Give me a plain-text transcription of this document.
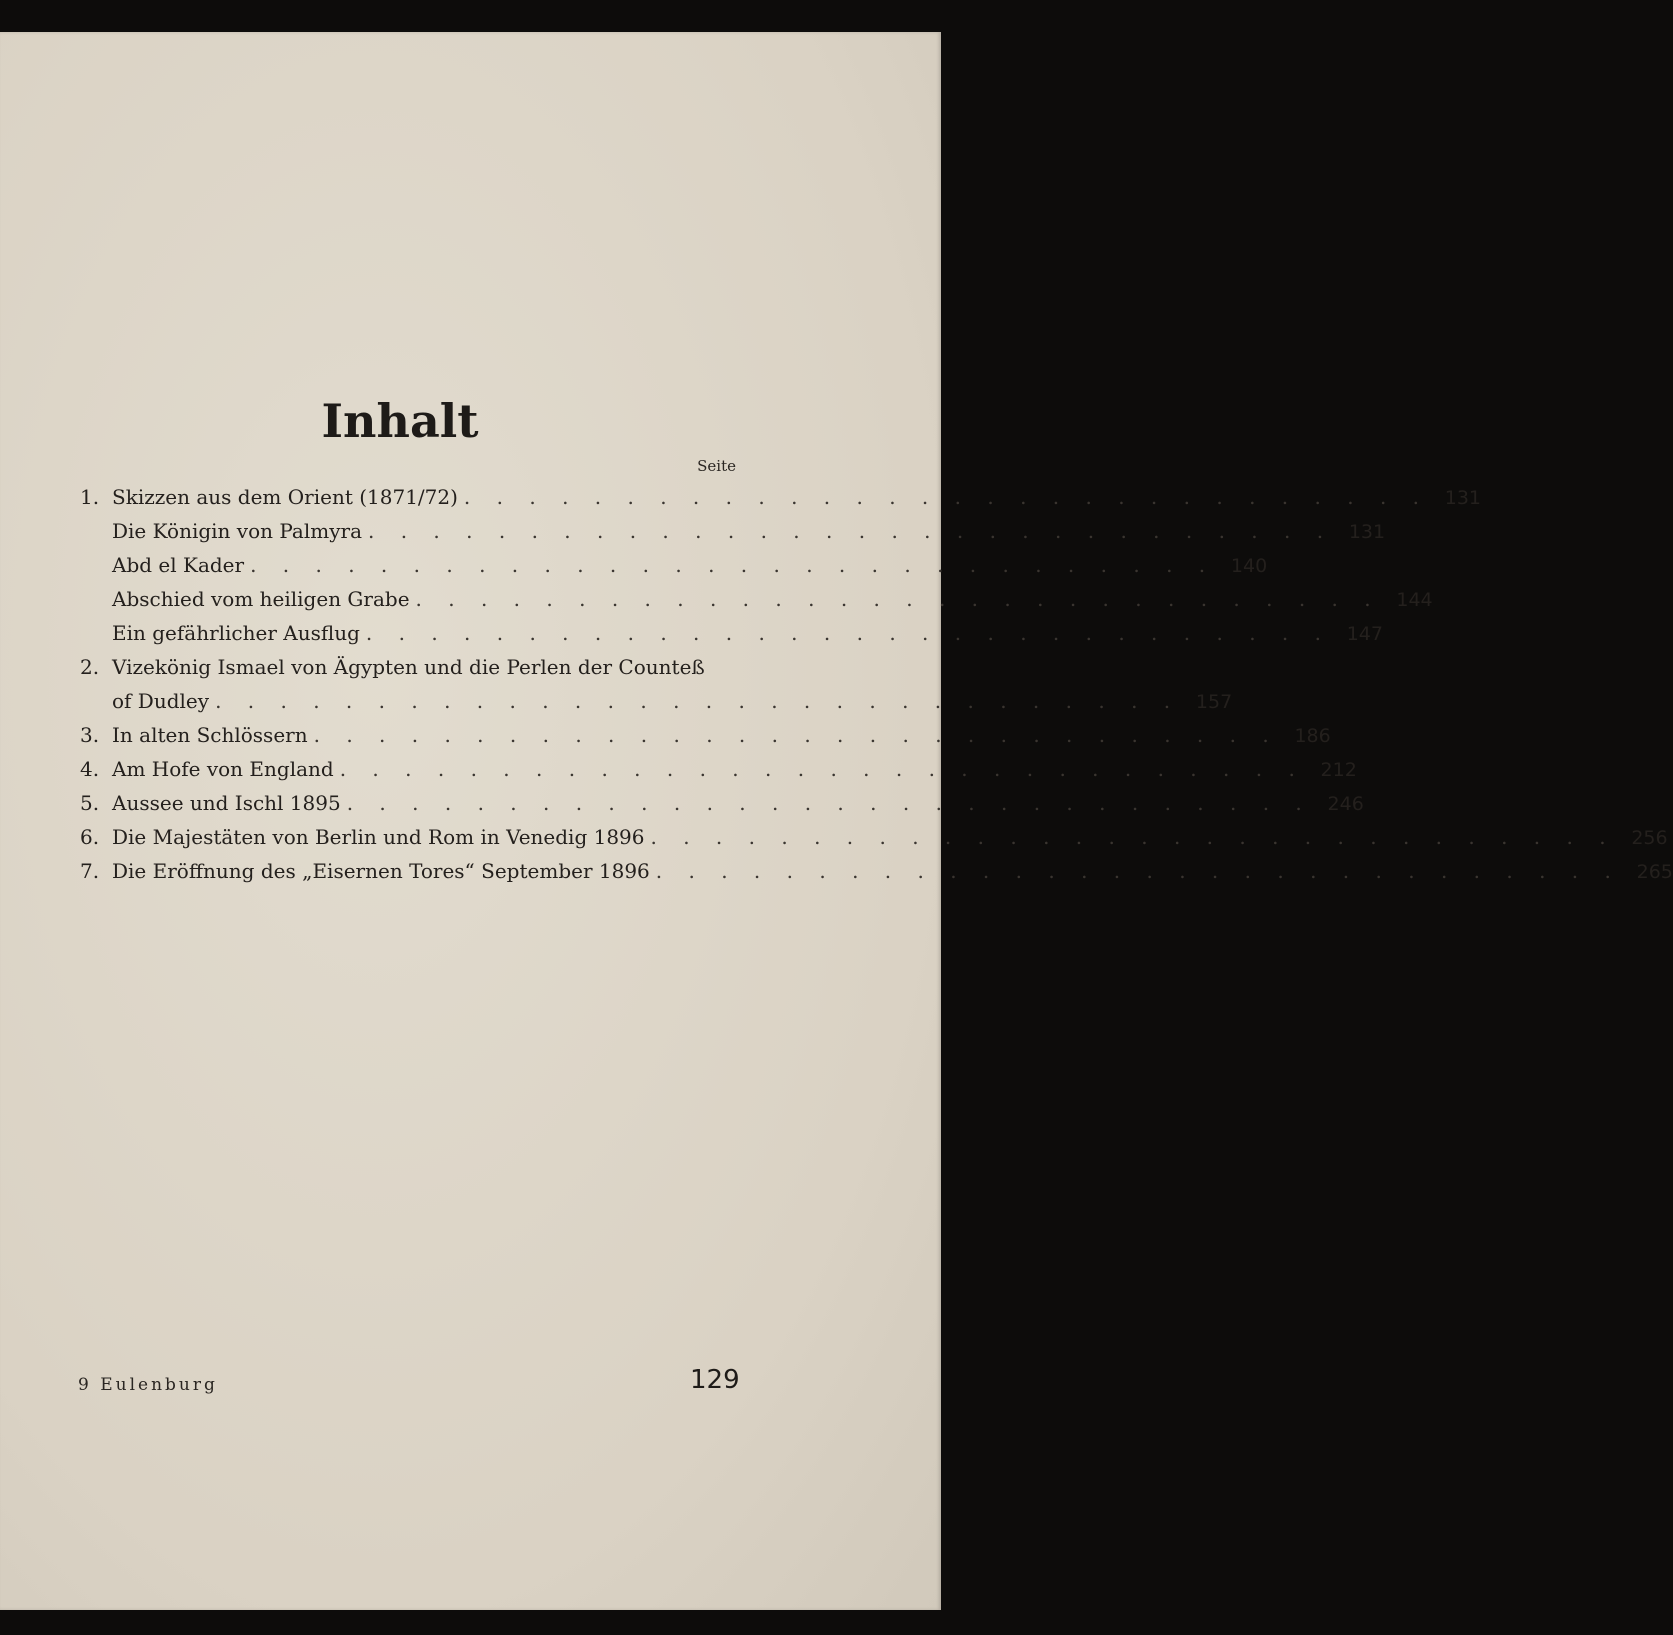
Inhalt
Seite
1. Skizzen aus dem Orient (1871/72) . . . . . . . . . . . . . . . . . . . . . . . . . . . . . . 131
Die Königin von Palmyra . . . . . . . . . . . . . . . . . . . . . . . . . . . . . . 131
Abd el Kader . . . . . . . . . . . . . . . . . . . . . . . . . . . . . . 140
Abschied vom heiligen Grabe . . . . . . . . . . . . . . . . . . . . . . . . . . . . . . 144
Ein gefährlicher Ausflug . . . . . . . . . . . . . . . . . . . . . . . . . . . . . . 147
2. Vizekönig Ismael von Ägypten und die Perlen der Counteß
of Dudley . . . . . . . . . . . . . . . . . . . . . . . . . . . . . . 157
3. In alten Schlössern . . . . . . . . . . . . . . . . . . . . . . . . . . . . . . 186
4. Am Hofe von England . . . . . . . . . . . . . . . . . . . . . . . . . . . . . . 212
5. Aussee und Ischl 1895 . . . . . . . . . . . . . . . . . . . . . . . . . . . . . . 246
6. Die Majestäten von Berlin und Rom in Venedig 1896 . . . . . . . . . . . . . . . . . . . . . . . . . . . . . . 256
7. Die Eröffnung des „Eisernen Tores“ September 1896 . . . . . . . . . . . . . . . . . . . . . . . . . . . . . . 265
9 Eulenburg	129
